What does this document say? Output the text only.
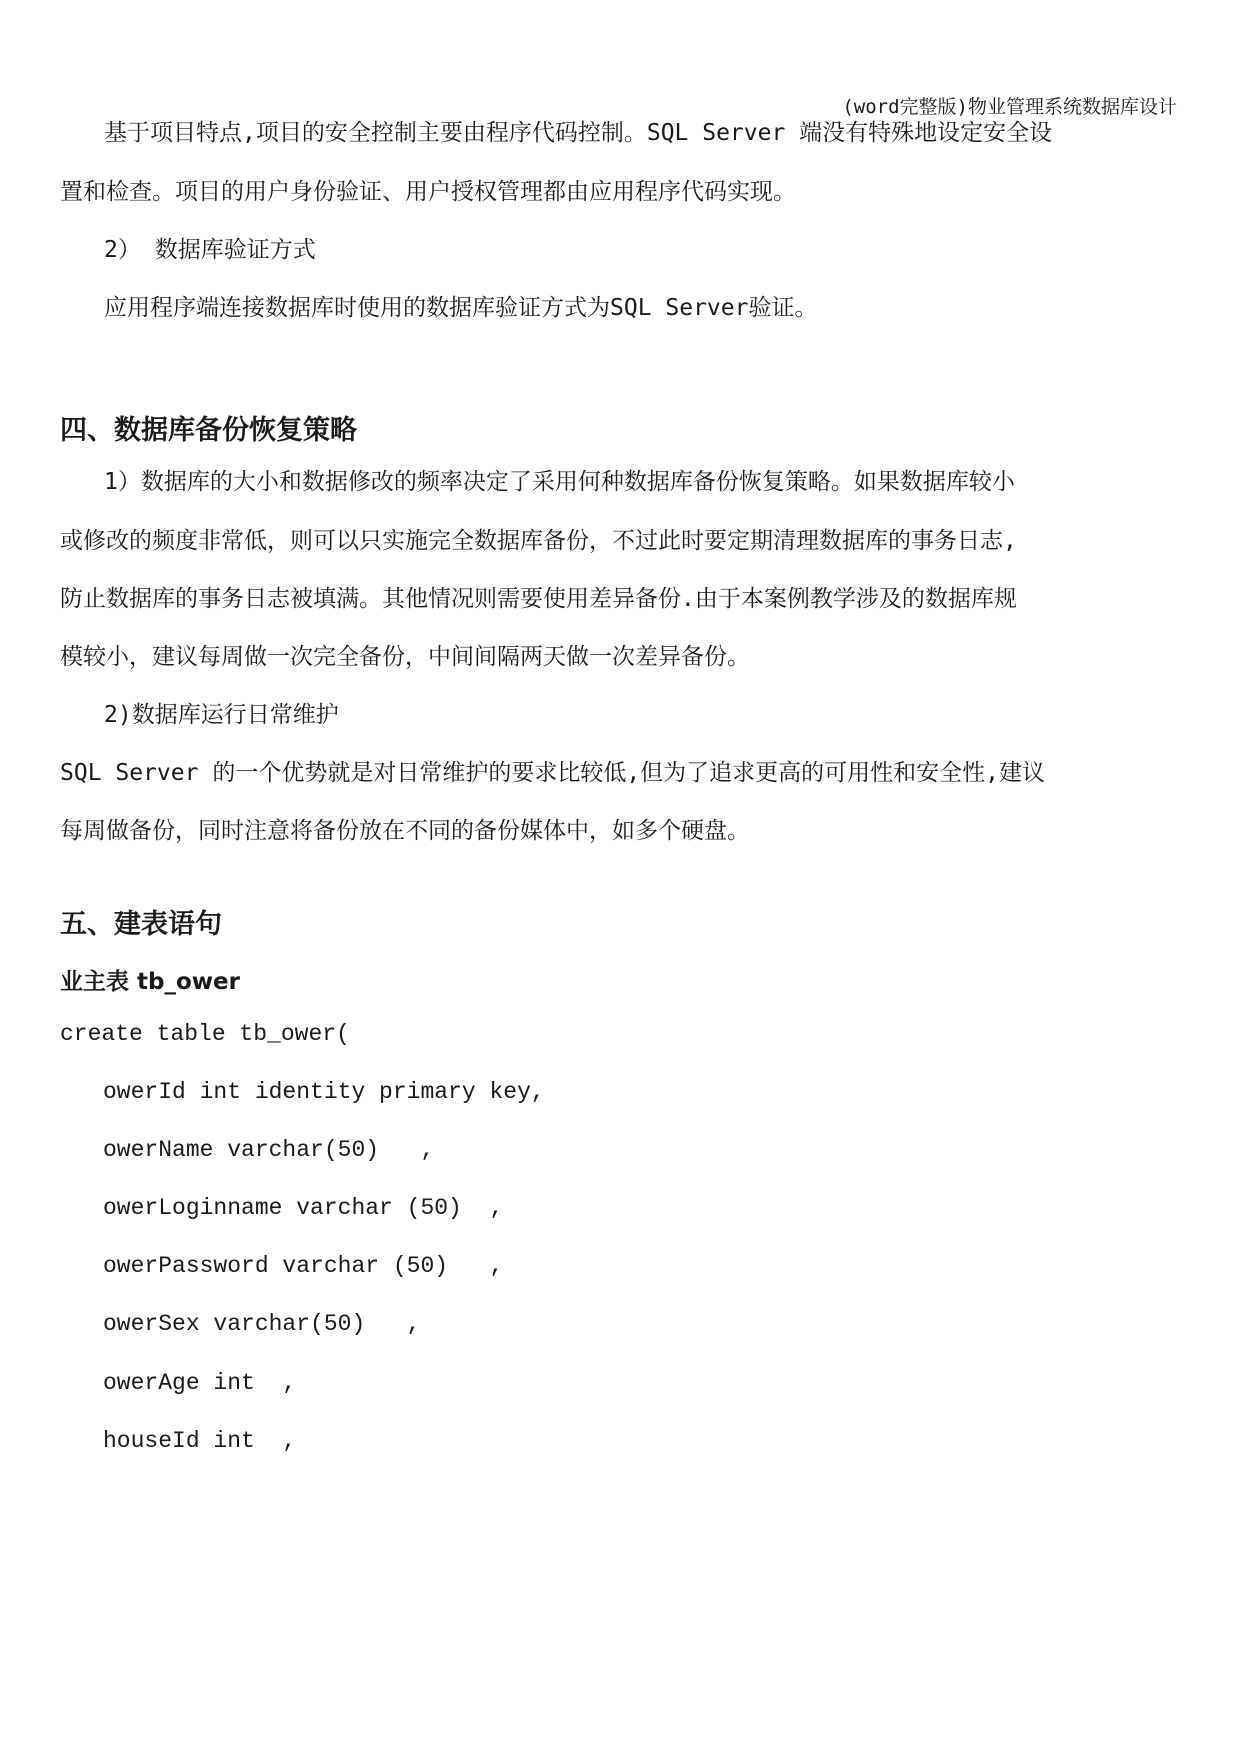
(word完整版)物业管理系统数据库设计
基于项目特点,项目的安全控制主要由程序代码控制。SQL Server 端没有特殊地设定安全设
置和检查。项目的用户身份验证、用户授权管理都由应用程序代码实现。
2） 数据库验证方式
应用程序端连接数据库时使用的数据库验证方式为SQL Server验证。
四、数据库备份恢复策略
1）数据库的大小和数据修改的频率决定了采用何种数据库备份恢复策略。如果数据库较小
或修改的频度非常低，则可以只实施完全数据库备份，不过此时要定期清理数据库的事务日志,
防止数据库的事务日志被填满。其他情况则需要使用差异备份.由于本案例教学涉及的数据库规
模较小，建议每周做一次完全备份，中间间隔两天做一次差异备份。
2)数据库运行日常维护
SQL Server 的一个优势就是对日常维护的要求比较低,但为了追求更高的可用性和安全性,建议
每周做备份，同时注意将备份放在不同的备份媒体中，如多个硬盘。
五、建表语句
业主表 tb_ower
create table tb_ower(
owerId int identity primary key,
owerName varchar(50)   ,
owerLoginname varchar (50)  ,
owerPassword varchar (50)   ,
owerSex varchar(50)   ,
owerAge int  ,
houseId int  ,
